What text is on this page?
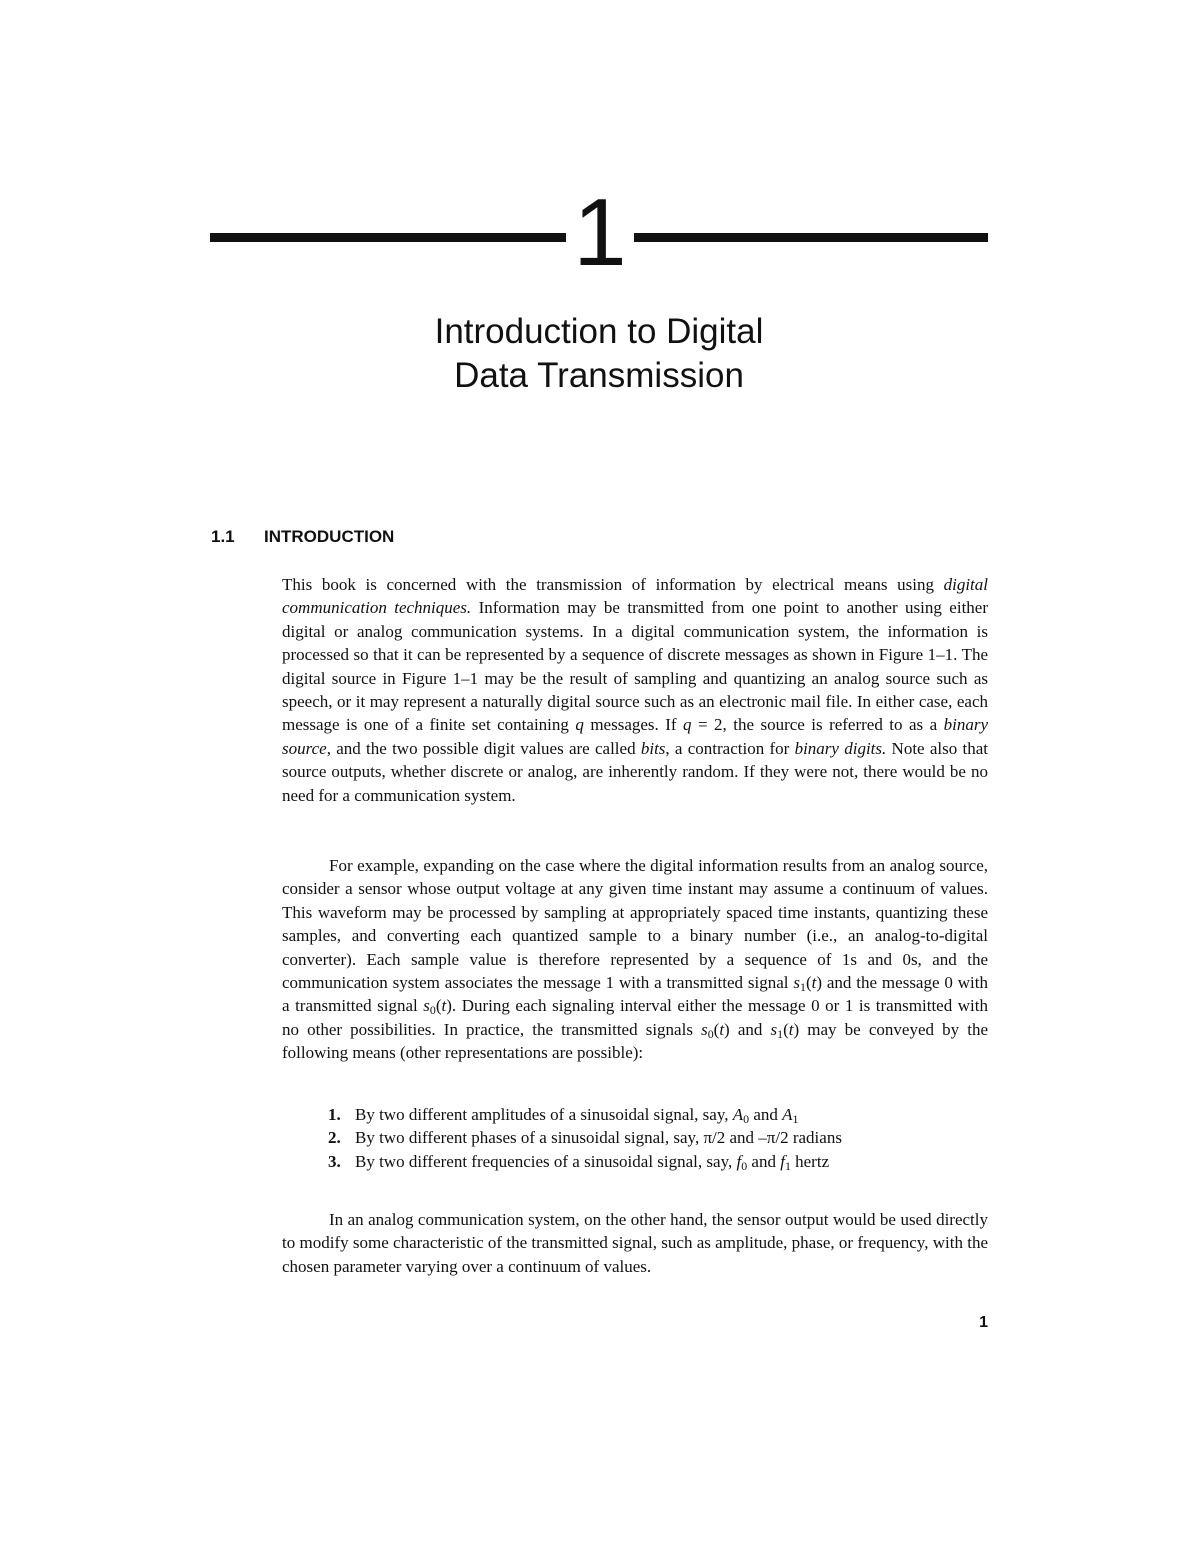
1
Introduction to Digital
Data Transmission
1.1 INTRODUCTION
This book is concerned with the transmission of information by electrical means using digital communication techniques. Information may be transmitted from one point to another using either digital or analog communication systems. In a digital communication system, the information is processed so that it can be represented by a sequence of discrete messages as shown in Figure 1–1. The digital source in Figure 1–1 may be the result of sampling and quantizing an analog source such as speech, or it may represent a naturally digital source such as an electronic mail file. In either case, each message is one of a finite set containing q messages. If q = 2, the source is referred to as a binary source, and the two possible digit values are called bits, a contraction for binary digits. Note also that source outputs, whether discrete or analog, are inherently random. If they were not, there would be no need for a communication system.
For example, expanding on the case where the digital information results from an analog source, consider a sensor whose output voltage at any given time instant may assume a continuum of values. This waveform may be processed by sampling at appropriately spaced time instants, quantizing these samples, and converting each quantized sample to a binary number (i.e., an analog-to-digital converter). Each sample value is therefore represented by a sequence of 1s and 0s, and the communication system associates the message 1 with a transmitted signal $s_1(t)$ and the message 0 with a transmitted signal $s_0(t)$. During each signaling interval either the message 0 or 1 is transmitted with no other possibilities. In practice, the transmitted signals $s_0(t)$ and $s_1(t)$ may be conveyed by the following means (other representations are possible):
1. By two different amplitudes of a sinusoidal signal, say, $A_0$ and $A_1$
2. By two different phases of a sinusoidal signal, say, π/2 and –π/2 radians
3. By two different frequencies of a sinusoidal signal, say, $f_0$ and $f_1$ hertz
In an analog communication system, on the other hand, the sensor output would be used directly to modify some characteristic of the transmitted signal, such as amplitude, phase, or frequency, with the chosen parameter varying over a continuum of values.
1
